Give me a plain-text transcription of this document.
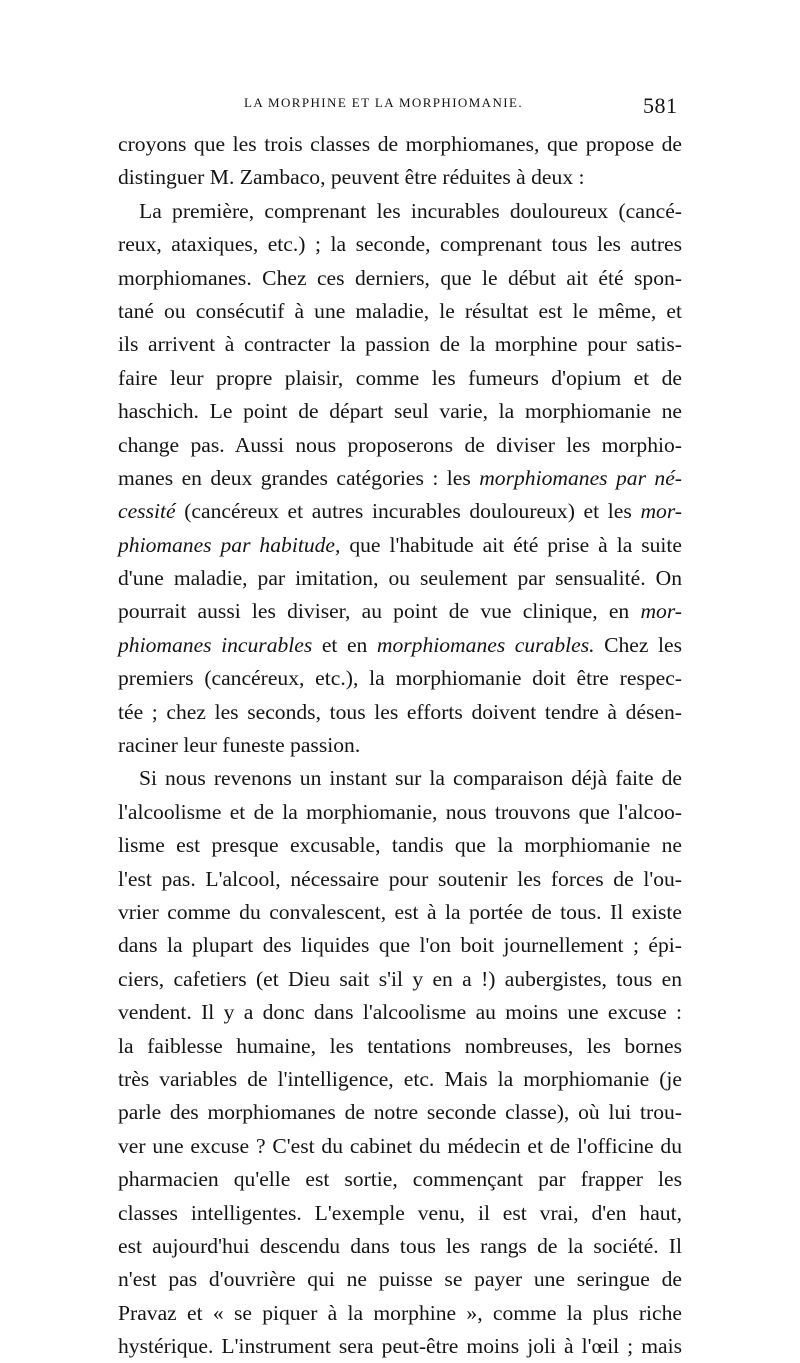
LA MORPHINE ET LA MORPHIOMANIE.	581
croyons que les trois classes de morphiomanes, que propose de
distinguer M. Zambaco, peuvent être réduites à deux :
La première, comprenant les incurables douloureux (cancé-
reux, ataxiques, etc.) ; la seconde, comprenant tous les autres
morphiomanes. Chez ces derniers, que le début ait été spon-
tané ou consécutif à une maladie, le résultat est le même, et
ils arrivent à contracter la passion de la morphine pour satis-
faire leur propre plaisir, comme les fumeurs d'opium et de
haschich. Le point de départ seul varie, la morphiomanie ne
change pas. Aussi nous proposerons de diviser les morphio-
manes en deux grandes catégories : les morphiomanes par né-
cessité (cancéreux et autres incurables douloureux) et les mor-
phiomanes par habitude, que l'habitude ait été prise à la suite
d'une maladie, par imitation, ou seulement par sensualité. On
pourrait aussi les diviser, au point de vue clinique, en mor-
phiomanes incurables et en morphiomanes curables. Chez les
premiers (cancéreux, etc.), la morphiomanie doit être respec-
tée ; chez les seconds, tous les efforts doivent tendre à désen-
raciner leur funeste passion.
Si nous revenons un instant sur la comparaison déjà faite de
l'alcoolisme et de la morphiomanie, nous trouvons que l'alcoo-
lisme est presque excusable, tandis que la morphiomanie ne
l'est pas. L'alcool, nécessaire pour soutenir les forces de l'ou-
vrier comme du convalescent, est à la portée de tous. Il existe
dans la plupart des liquides que l'on boit journellement ; épi-
ciers, cafetiers (et Dieu sait s'il y en a !) aubergistes, tous en
vendent. Il y a donc dans l'alcoolisme au moins une excuse :
la faiblesse humaine, les tentations nombreuses, les bornes
très variables de l'intelligence, etc. Mais la morphiomanie (je
parle des morphiomanes de notre seconde classe), où lui trou-
ver une excuse ? C'est du cabinet du médecin et de l'officine du
pharmacien qu'elle est sortie, commençant par frapper les
classes intelligentes. L'exemple venu, il est vrai, d'en haut,
est aujourd'hui descendu dans tous les rangs de la société. Il
n'est pas d'ouvrière qui ne puisse se payer une seringue de
Pravaz et « se piquer à la morphine », comme la plus riche
hystérique. L'instrument sera peut-être moins joli à l'œil ; mais
